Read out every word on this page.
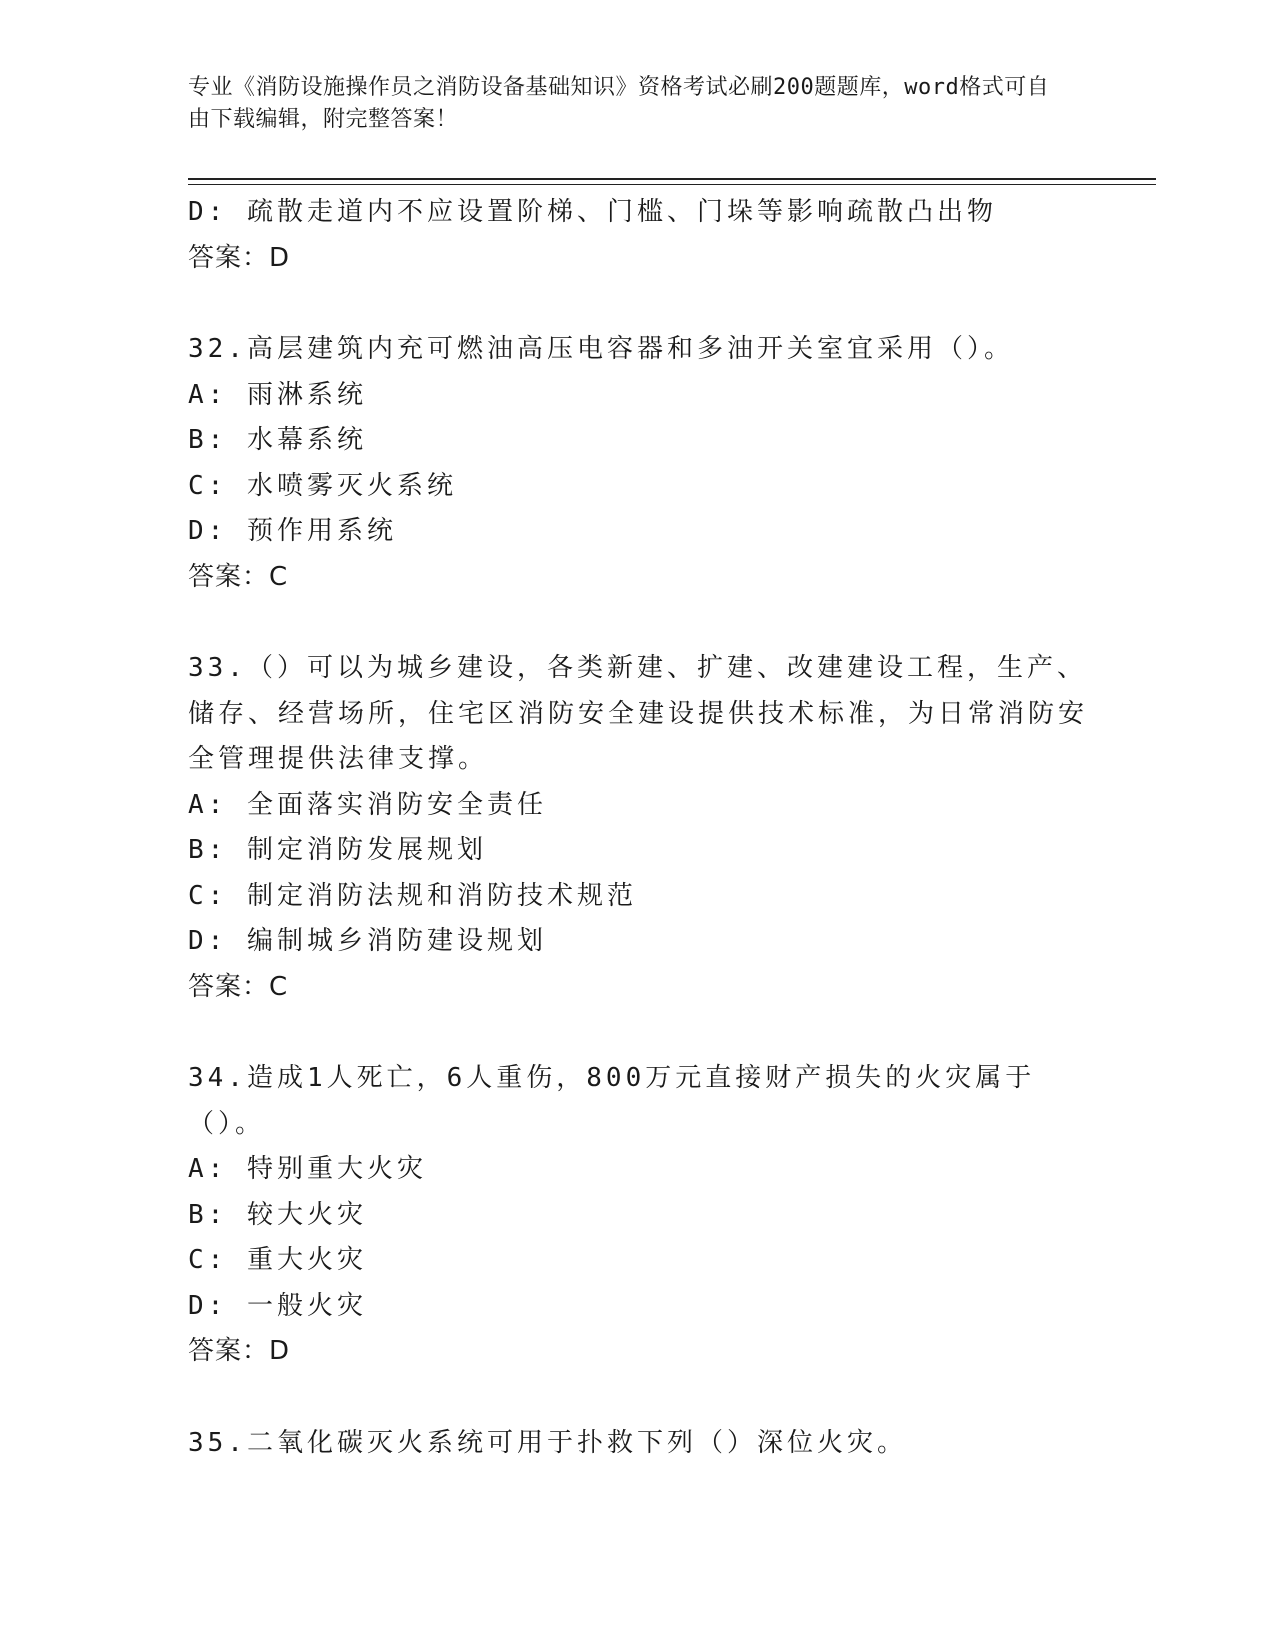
专业《消防设施操作员之消防设备基础知识》资格考试必刷200题题库，word格式可自由下载编辑，附完整答案！
D: 疏散走道内不应设置阶梯、门槛、门垛等影响疏散凸出物
答案：D
32.高层建筑内充可燃油高压电容器和多油开关室宜采用（）。
A: 雨淋系统
B: 水幕系统
C: 水喷雾灭火系统
D: 预作用系统
答案：C
33.（）可以为城乡建设，各类新建、扩建、改建建设工程，生产、储存、经营场所，住宅区消防安全建设提供技术标准，为日常消防安全管理提供法律支撑。
A: 全面落实消防安全责任
B: 制定消防发展规划
C: 制定消防法规和消防技术规范
D: 编制城乡消防建设规划
答案：C
34.造成1人死亡，6人重伤，800万元直接财产损失的火灾属于（）。
A: 特别重大火灾
B: 较大火灾
C: 重大火灾
D: 一般火灾
答案：D
35.二氧化碳灭火系统可用于扑救下列（）深位火灾。
